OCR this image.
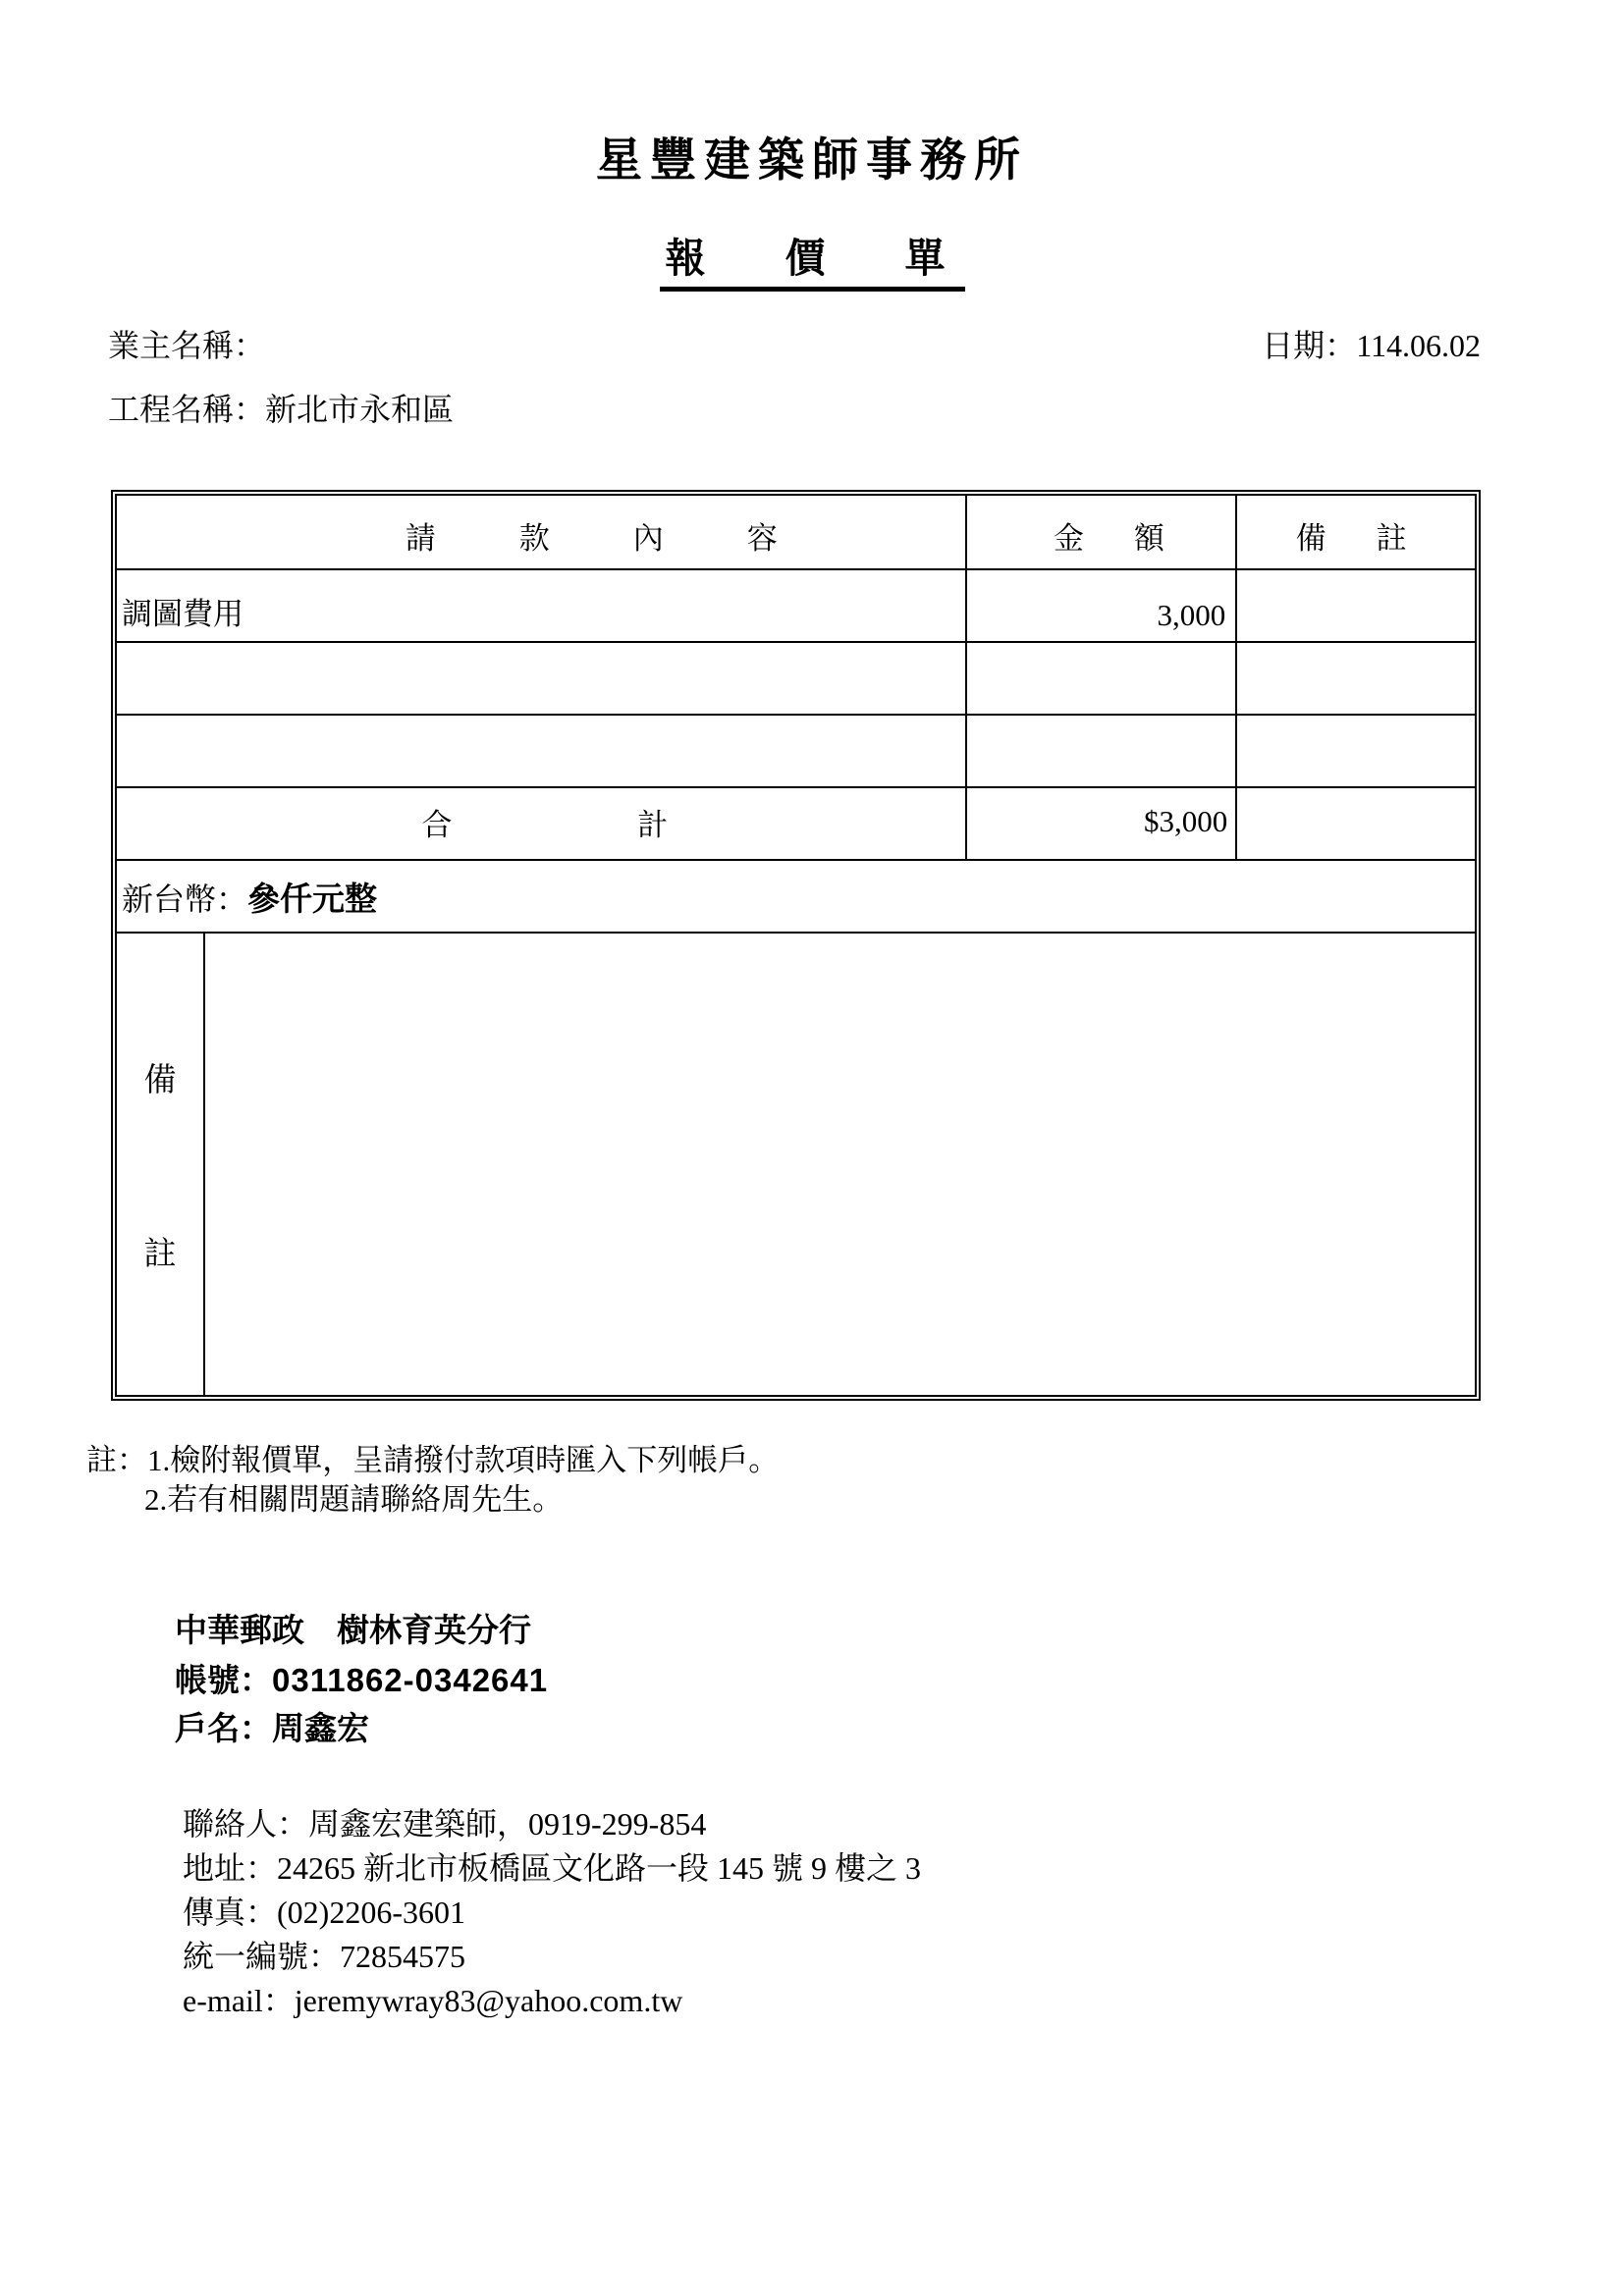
星豐建築師事務所
報　價　單
業主名稱：	日期：114.06.02
工程名稱：新北市永和區
請　款　內　容	金　額	備　註
調圖費用	3,000	

合　　　計	$3,000	
新台幣：參仟元整		

備
註		
註：1.檢附報價單，呈請撥付款項時匯入下列帳戶。
2.若有相關問題請聯絡周先生。
中華郵政　樹林育英分行
帳號：0311862-0342641
戶名：周鑫宏
聯絡人：周鑫宏建築師，0919-299-854
地址：24265 新北市板橋區文化路一段 145 號 9 樓之 3
傳真：(02)2206-3601
統一編號：72854575
e-mail：jeremywray83@yahoo.com.tw
